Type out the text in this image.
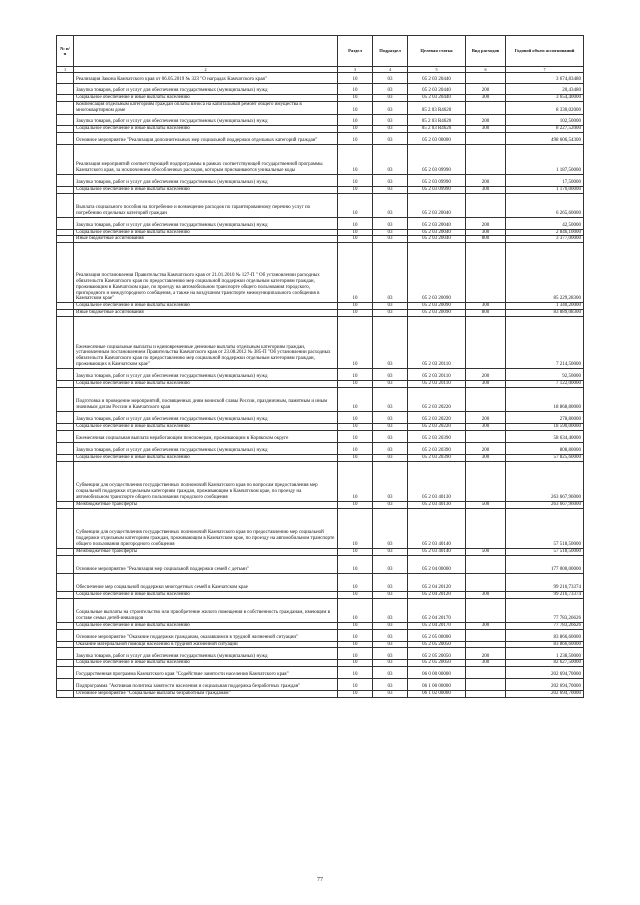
№ п/п	Наименование	Раздел	Подраздел	Целевая статья	Вид расходов	Годовой объем ассигнований
1	2	3	4	5	6	7
	Реализация Закона Камчатского края от 06.05.2019 № 323 "О наградах Камчатского края"	10	03	05 2 03 20440		3 674,83480
	Закупка товаров, работ и услуг для обеспечения государственных (муниципальных) нужд	10	03	05 2 03 20440	200	20,43480
	Социальное обеспечение и иные выплаты населению	10	03	05 2 03 20440	300	3 654,40000
	Компенсация отдельным категориям граждан оплаты взноса на капитальный ремонт общего имущества в многоквартирном доме	10	03	05 2 03 R4620		8 330,02000
	Закупка товаров, работ и услуг для обеспечения государственных (муниципальных) нужд	10	03	05 2 03 R4620	200	102,50000
	Социальное обеспечение и иные выплаты населению	10	03	05 2 03 R4620	300	8 227,52000
	Основное мероприятие "Реализация дополнительных мер социальной поддержки отдельных категорий граждан"	10	03	05 2 03 00000		498 606,54300
	Реализация мероприятий соответствующей подпрограммы в рамках соответствующей государственной программы Камчатского края, за исключением обособленных расходов, которым присваиваются уникальные коды	10	03	05 2 03 09990		1 187,50000
	Закупка товаров, работ и услуг для обеспечения государственных (муниципальных) нужд	10	03	05 2 03 09990	200	17,50000
	Социальное обеспечение и иные выплаты населению	10	03	05 2 03 09990	300	1 170,00000
	Выплата социального пособия на погребение и возмещение расходов по гарантированному перечню услуг по погребению отдельных категорий граждан	10	03	05 2 03 20040		6 265,60000
	Закупка товаров, работ и услуг для обеспечения государственных (муниципальных) нужд	10	03	05 2 03 20040	200	42,50000
	Социальное обеспечение и иные выплаты населению	10	03	05 2 03 20040	300	2 846,10000
	Иные бюджетные ассигнования	10	03	05 2 03 20040	800	3 377,00000
	Реализация постановления Правительства Камчатского края от 21.01.2010 № 127-П " Об установлении расходных обязательств Камчатского края по предоставлению мер социальной поддержки отдельным категориям граждан, проживающим в Камчатском крае, по проезду на автомобильном транспорте общего пользования городского, пригородного и междугородного сообщения, а также на воздушном транспорте межмуниципального сообщения в Камчатском крае"	10	03	05 2 03 20090		85 229,28300
	Социальное обеспечение и иные выплаты населению	10	03	05 2 03 20090	300	1 340,20000
	Иные бюджетные ассигнования	10	03	05 2 03 20090	800	83 889,08300
	Ежемесячные социальные выплаты и единовременные денежные выплаты отдельным категориям граждан, установленным постановлением Правительства Камчатского края от 23.08.2012 № 385-П "Об установлении расходных обязательств Камчатского края по предоставлению мер социальной поддержки отдельным категориям граждан, проживающих в Камчатском крае"	10	03	05 2 03 20110		7 214,50000
	Закупка товаров, работ и услуг для обеспечения государственных (муниципальных) нужд	10	03	05 2 03 20110	200	92,50000
	Социальное обеспечение и иные выплаты населению	10	03	05 2 03 20110	300	7 122,00000
	Подготовка и проведение мероприятий, посвященных дням воинской славы России, праздничным, памятным и иным значимым датам России и Камчатского края	10	03	05 2 03 20220		18 868,80000
	Закупка товаров, работ и услуг для обеспечения государственных (муниципальных) нужд	10	03	05 2 03 20220	200	278,80000
	Социальное обеспечение и иные выплаты населению	10	03	05 2 03 20220	300	18 590,00000
	Ежемесячная социальная выплата неработающим пенсионерам, проживающим в Корякском округе	10	03	05 2 03 20390		58 634,40000
	Закупка товаров, работ и услуг для обеспечения государственных (муниципальных) нужд	10	03	05 2 03 20390	200	808,80000
	Социальное обеспечение и иные выплаты населению	10	03	05 2 03 20390	300	57 825,60000
	Субвенции для осуществления государственных полномочий Камчатского края по вопросам предоставления мер социальной поддержки отдельным категориям граждан, проживающим в Камчатском крае, по проезду на автомобильном транспорте общего пользования городского сообщения	10	03	05 2 03 40130		263 667,96000
	Межбюджетные трансферты	10	03	05 2 03 40130	500	263 667,96000
	Субвенции для осуществления государственных полномочий Камчатского края по предоставлению мер социальной поддержки отдельным категориям граждан, проживающим в Камчатском крае, по проезду на автомобильном транспорте общего пользования пригородного сообщения	10	03	05 2 03 40140		57 518,50000
	Межбюджетные трансферты	10	03	05 2 03 40140	500	57 518,50000
	Основное мероприятие "Реализация мер социальной поддержки семей с детьми"	10	03	05 2 04 00000		177 000,00000
	Обеспечение мер социальной поддержки многодетных семей в Камчатском крае	10	03	05 2 04 20120		99 216,73374
	Социальное обеспечение и иные выплаты населению	10	03	05 2 04 20120	300	99 216,73374
	Социальные выплаты на строительство или приобретение жилого помещения в собственность гражданам, имеющим в составе семьи детей-инвалидов	10	03	05 2 04 20170		77 783,26626
	Социальное обеспечение и иные выплаты населению	10	03	05 2 04 20170	300	77 783,26626
	Основное мероприятие "Оказание поддержки гражданам, оказавшимся в трудной жизненной ситуации"	10	03	05 2 05 00000		83 866,60000
	Оказание материальной помощи населению в трудной жизненной ситуации	10	03	05 2 05 20050		83 866,60000
	Закупка товаров, работ и услуг для обеспечения государственных (муниципальных) нужд	10	03	05 2 05 20050	200	1 238,50000
	Социальное обеспечение и иные выплаты населению	10	03	05 2 05 20050	300	82 627,50000
	Государственная программа Камчатского края "Содействие занятости населения Камчатского края"	10	03	06 0 00 00000		202 694,70000
	Подпрограмма "Активная политика занятости населения и социальная поддержка безработных граждан"	10	03	06 1 00 00000		202 694,70000
	Основное мероприятие "Социальные выплаты безработным гражданам"	10	03	06 1 02 00000		202 694,70000
77
